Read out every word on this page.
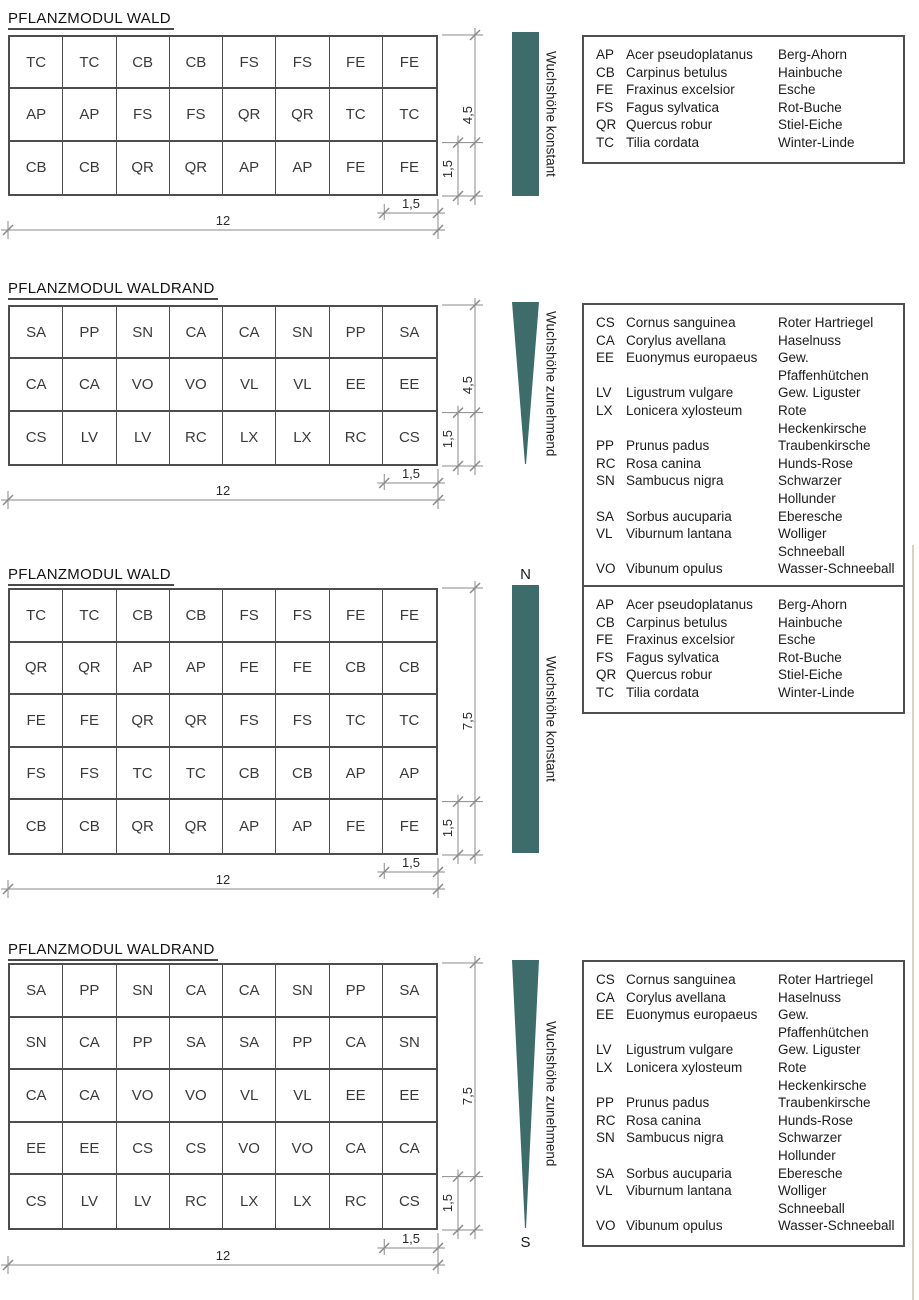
PFLANZMODUL WALD
TC	TC	CB	CB	FS	FS	FE	FE
AP	AP	FS	FS	QR	QR	TC	TC
CB	CB	QR	QR	AP	AP	FE	FE
1,5
12
4,5
1,5	Wuchshöhe konstant	AP Acer pseudoplatanus	Berg-Ahorn
CB Carpinus betulus	Hainbuche
FE Fraxinus excelsior	Esche
FS Fagus sylvatica	Rot-Buche
QR Quercus robur	Stiel-Eiche
TC Tilia cordata	Winter-Linde
PFLANZMODUL WALDRAND
SA	PP	SN	CA	CA	SN	PP	SA
CA	CA	VO	VO	VL	VL	EE	EE
CS	LV	LV	RC	LX	LX	RC	CS
1,5
12
4,5
1,5	Wuchshöhe zunehmend	CS Cornus sanguinea	Roter Hartriegel
CA Corylus avellana	Haselnuss
EE Euonymus europaeus	Gew. Pfaffenhütchen
LV	Ligustrum vulgare	Gew. Liguster
LX Lonicera xylosteum	Rote Heckenkirsche
PP Prunus padus	Traubenkirsche
RC Rosa canina	Hunds-Rose
SN Sambucus nigra	Schwarzer Hollunder
SA Sorbus aucuparia	Eberesche
VL Viburnum lantana	Wolliger Schneeball
VO Vibunum opulus	Wasser-Schneeball
PFLANZMODUL WALD	N
TC	TC	CB	CB	FS	FS	FE	FE
QR	QR	AP	AP	FE	FE	CB	CB
FE	FE	QR	QR	FS	FS	TC	TC
FS	FS	TC	TC	CB	CB	AP	AP
CB	CB	QR	QR	AP	AP	FE	FE
1,5
12
7,5
1,5
Wuchshöhe konstant
AP Acer pseudoplatanus	Berg-Ahorn
CB Carpinus betulus	Hainbuche
FE Fraxinus excelsior	Esche
FS Fagus sylvatica	Rot-Buche
QR Quercus robur	Stiel-Eiche
TC Tilia cordata	Winter-Linde
PFLANZMODUL WALDRAND
SA	PP	SN	CA	CA	SN	PP	SA
SN	CA	PP	SA	SA	PP	CA	SN
CA	CA	VO	VO	VL	VL	EE	EE
EE	EE	CS	CS	VO	VO	CA	CA
CS	LV	LV	RC	LX	LX	RC	CS
1,5
12
7,5
1,5
Wuchshöhe zunehmend
S
CS Cornus sanguinea	Roter Hartriegel
CA Corylus avellana	Haselnuss
EE Euonymus europaeus	Gew. Pfaffenhütchen
LV	Ligustrum vulgare	Gew. Liguster
LX Lonicera xylosteum	Rote Heckenkirsche
PP Prunus padus	Traubenkirsche
RC Rosa canina	Hunds-Rose
SN Sambucus nigra	Schwarzer Hollunder
SA Sorbus aucuparia	Eberesche
VL Viburnum lantana	Wolliger Schneeball
VO Vibunum opulus	Wasser-Schneeball
